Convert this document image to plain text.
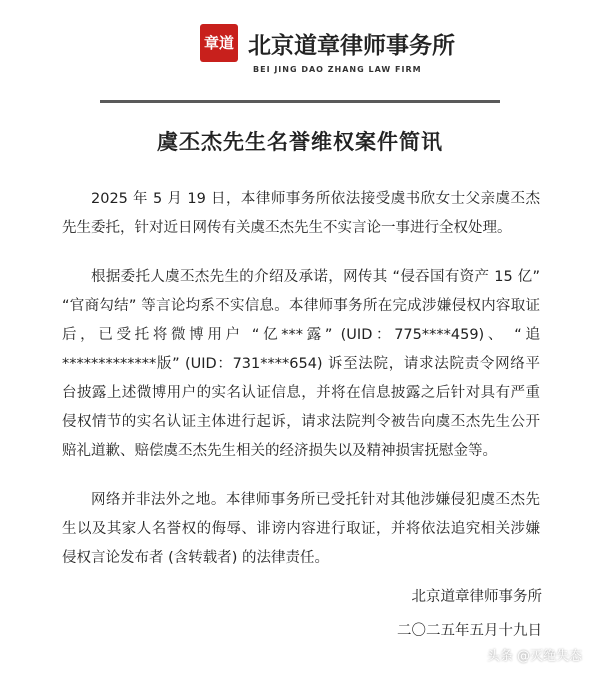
章道 北京道章律师事务所
BEI JING DAO ZHANG LAW FIRM
虞丕杰先生名誉维权案件简讯

2025 年 5 月 19 日，本律师事务所依法接受虞书欣女士父亲虞丕杰先生委托，针对近日网传有关虞丕杰先生不实言论一事进行全权处理。

根据委托人虞丕杰先生的介绍及承诺，网传其 “侵吞国有资产 15 亿” “官商勾结” 等言论均系不实信息。本律师事务所在完成涉嫌侵权内容取证后，已受托将微博用户 “亿***露” (UID：775****459)、 “追*************版” (UID：731****654) 诉至法院，请求法院责令网络平台披露上述微博用户的实名认证信息，并将在信息披露之后针对具有严重侵权情节的实名认证主体进行起诉，请求法院判令被告向虞丕杰先生公开赔礼道歉、赔偿虞丕杰先生相关的经济损失以及精神损害抚慰金等。

网络并非法外之地。本律师事务所已受托针对其他涉嫌侵犯虞丕杰先生以及其家人名誉权的侮辱、诽谤内容进行取证，并将依法追究相关涉嫌侵权言论发布者 (含转载者) 的法律责任。

北京道章律师事务所
二〇二五年五月十九日
头条 @灭绝失态
